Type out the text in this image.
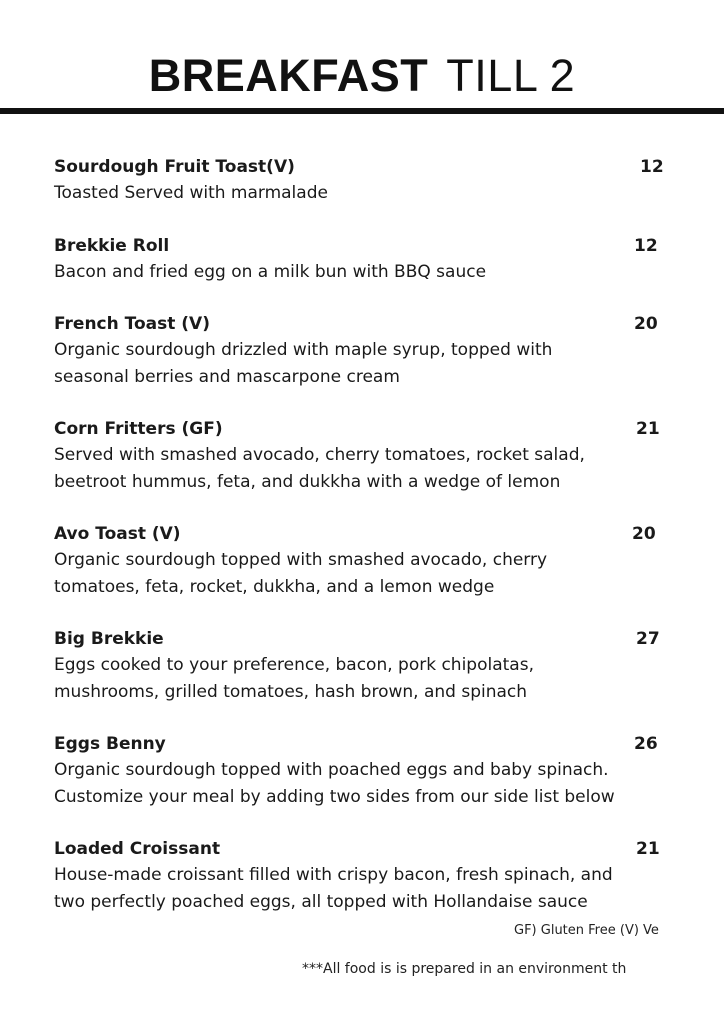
BREAKFAST TILL 2
Sourdough Fruit Toast(V)	12
Toasted Served with marmalade
Brekkie Roll	12
Bacon and fried egg on a milk bun with BBQ sauce
French Toast (V)	20
Organic sourdough drizzled with maple syrup, topped with
seasonal berries and mascarpone cream
Corn Fritters (GF)	21
Served with smashed avocado, cherry tomatoes, rocket salad,
beetroot hummus, feta, and dukkha with a wedge of lemon
Avo Toast (V)	20
Organic sourdough topped with smashed avocado, cherry
tomatoes, feta, rocket, dukkha, and a lemon wedge
Big Brekkie	27
Eggs cooked to your preference, bacon, pork chipolatas,
mushrooms, grilled tomatoes, hash brown, and spinach
Eggs Benny	26
Organic sourdough topped with poached eggs and baby spinach.
Customize your meal by adding two sides from our side list below
Loaded Croissant	21
House-made croissant filled with crispy bacon, fresh spinach, and
two perfectly poached eggs, all topped with Hollandaise sauce
GF) Gluten Free (V) Ve
***All food is is prepared in an environment th
